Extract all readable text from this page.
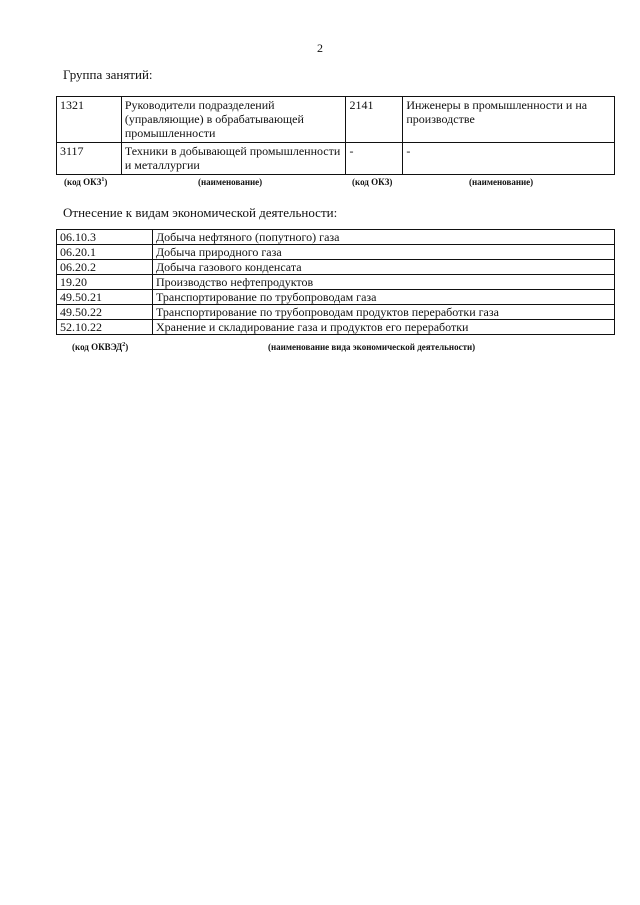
2
Группа занятий:
1321	Руководители подразделений (управляющие) в обрабатывающей промышленности	2141	Инженеры в промышленности и на производстве
3117	Техники в добывающей промышленности и металлургии	-	-
(код ОКЗ$^1$)	(наименование)	(код ОКЗ)	(наименование)
Отнесение к видам экономической деятельности:
06.10.3	Добыча нефтяного (попутного) газа
06.20.1	Добыча природного газа
06.20.2	Добыча газового конденсата
19.20	Производство нефтепродуктов
49.50.21	Транспортирование по трубопроводам газа
49.50.22	Транспортирование по трубопроводам продуктов переработки газа
52.10.22	Хранение и складирование газа и продуктов его переработки
(код ОКВЭД$^2$)	(наименование вида экономической деятельности)
